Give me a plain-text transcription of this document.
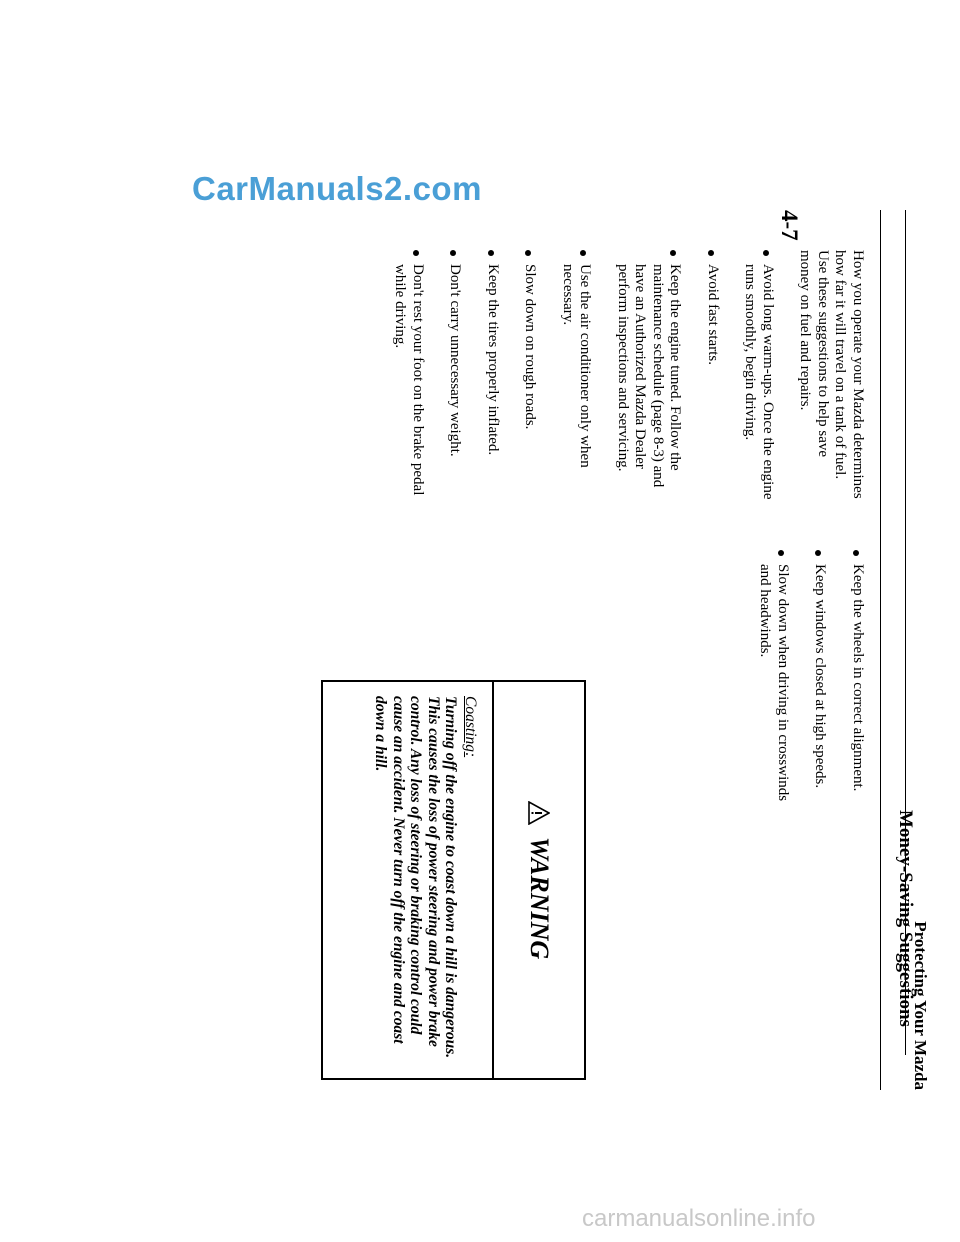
CarManuals2.com
Protecting Your Mazda
4-7
Money-Saving Suggestions

How you operate your Mazda determines how far it will travel on a tank of fuel. Use these suggestions to help save money on fuel and repairs.

Avoid long warm-ups. Once the engine runs smoothly, begin driving.
Avoid fast starts.
Keep the engine tuned. Follow the maintenance schedule (page 8-3) and have an Authorized Mazda Dealer perform inspections and servicing.
Use the air conditioner only when necessary.
Slow down on rough roads.
Keep the tires properly inflated.
Don't carry unnecessary weight.
Don't rest your foot on the brake pedal while driving.
Keep the wheels in correct alignment.
Keep windows closed at high speeds.
Slow down when driving in crosswinds and headwinds.
WARNING
Coasting:
Turning off the engine to coast down a hill is dangerous. This causes the loss of power steering and power brake control. Any loss of steering or braking control could cause an accident. Never turn off the engine and coast down a hill.
carmanualsonline.info
